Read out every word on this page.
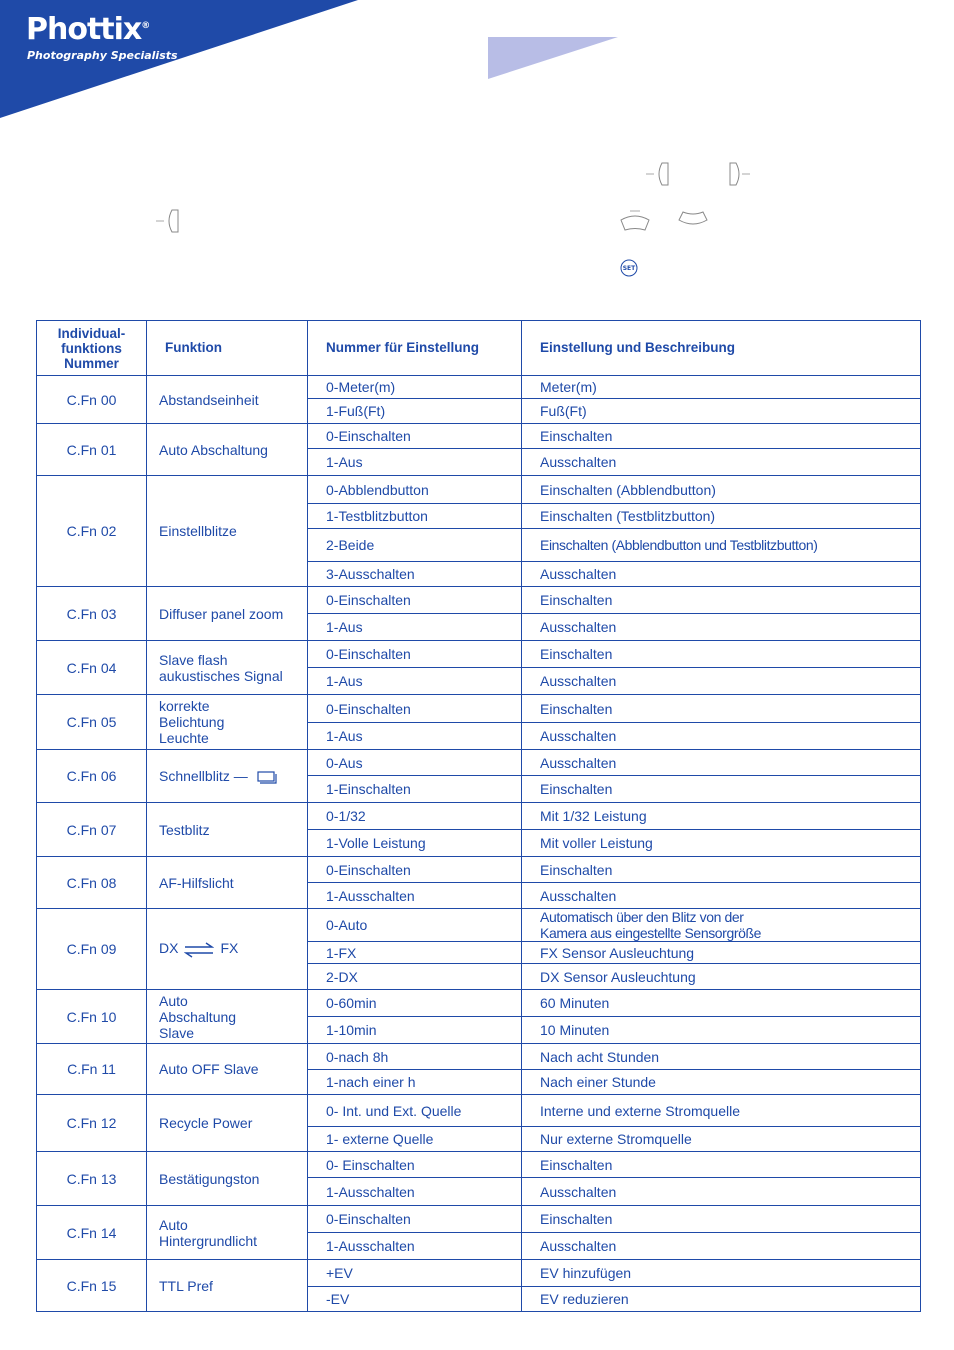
Phottix®
Photography Specialists
SET
Individual-
funktions
Nummer	Funktion	Nummer für Einstellung	Einstellung und Beschreibung
C.Fn 00	Abstandseinheit	0-Meter(m)	Meter(m)
		1-Fuß(Ft)	Fuß(Ft)
C.Fn 01	Auto Abschaltung	0-Einschalten	Einschalten
		1-Aus	Ausschalten
C.Fn 02	Einstellblitze	0-Abblendbutton	Einschalten (Abblendbutton)
		1-Testblitzbutton	Einschalten (Testblitzbutton)
		2-Beide	Einschalten (Abblendbutton und Testblitzbutton)
		3-Ausschalten	Ausschalten
C.Fn 03	Diffuser panel zoom	0-Einschalten	Einschalten
		1-Aus	Ausschalten
C.Fn 04	Slave flash
aukustisches Signal	0-Einschalten	Einschalten
		1-Aus	Ausschalten
C.Fn 05	korrekte
Belichtung
Leuchte	0-Einschalten	Einschalten
		1-Aus	Ausschalten
C.Fn 06	Schnellblitz —	0-Aus	Ausschalten
		1-Einschalten	Einschalten
C.Fn 07	Testblitz	0-1/32	Mit 1/32 Leistung
		1-Volle Leistung	Mit voller Leistung
C.Fn 08	AF-Hilfslicht	0-Einschalten	Einschalten
		1-Ausschalten	Ausschalten
C.Fn 09	DX FX	0-Auto	Automatisch über den Blitz von der
Kamera aus eingestellte Sensorgröße
		1-FX	FX Sensor Ausleuchtung
		2-DX	DX Sensor Ausleuchtung
C.Fn 10	Auto
Abschaltung
Slave	0-60min	60 Minuten
		1-10min	10 Minuten
C.Fn 11	Auto OFF Slave	0-nach 8h	Nach acht Stunden
		1-nach einer h	Nach einer Stunde
C.Fn 12	Recycle Power	0- Int. und Ext. Quelle	Interne und externe Stromquelle
		1- externe Quelle	Nur externe Stromquelle
C.Fn 13	Bestätigungston	0- Einschalten	Einschalten
		1-Ausschalten	Ausschalten
C.Fn 14	Auto
Hintergrundlicht	0-Einschalten	Einschalten
		1-Ausschalten	Ausschalten
C.Fn 15	TTL Pref	+EV	EV hinzufügen
		-EV	EV reduzieren
